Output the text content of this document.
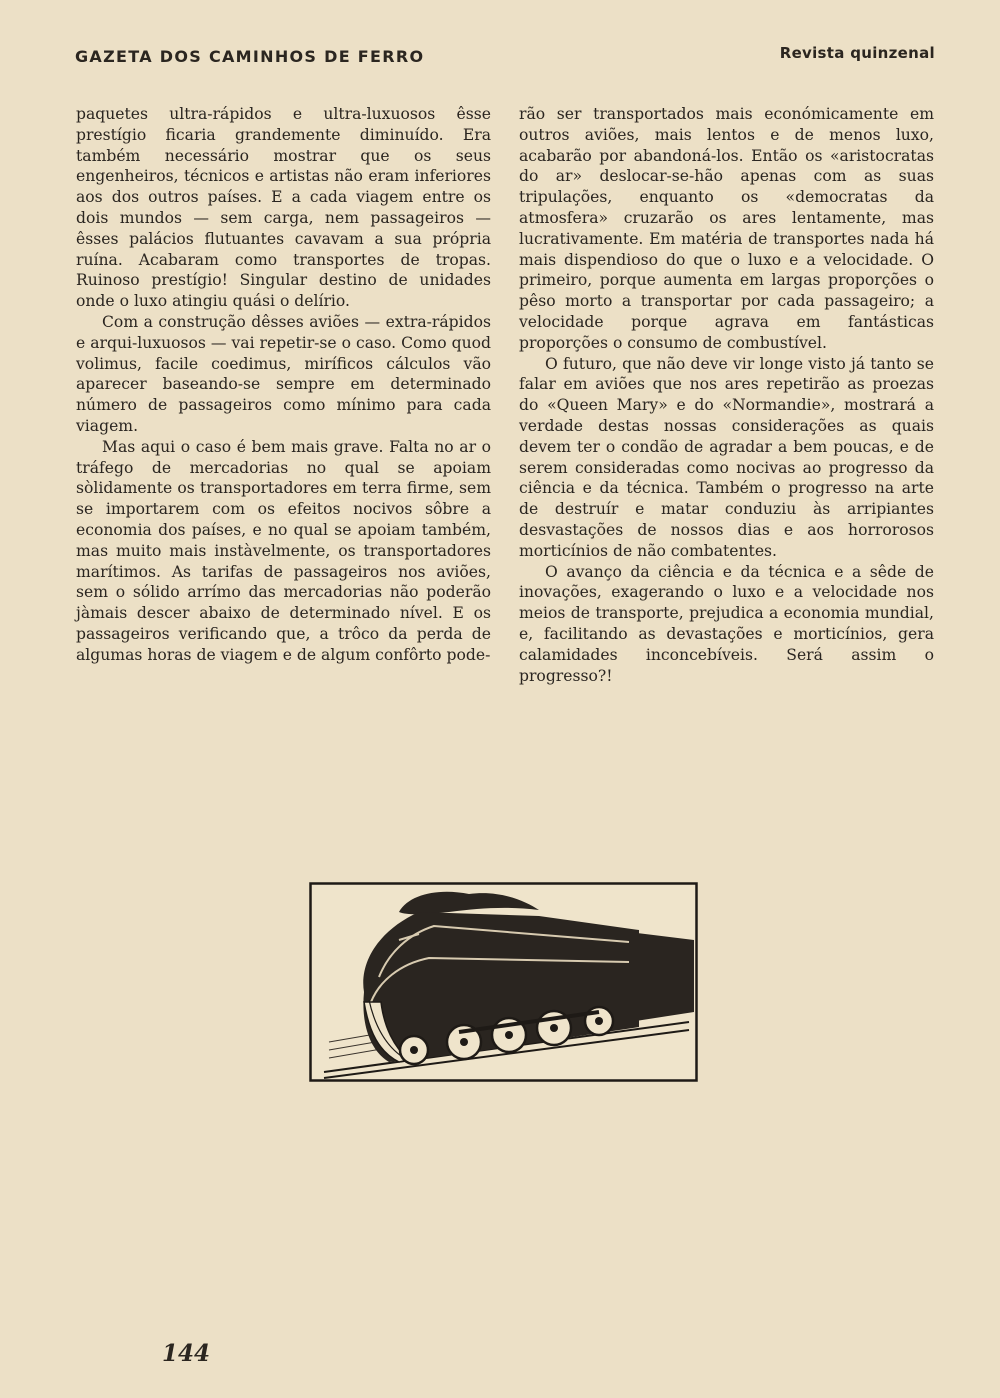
GAZETA DOS CAMINHOS DE FERRO	Revista quinzenal

paquetes ultra-rápidos e ultra-luxuosos êsse prestígio ficaria grandemente diminuído. Era também necessário mostrar que os seus engenheiros, técnicos e artistas não eram inferiores aos dos outros países. E a cada viagem entre os dois mundos — sem carga, nem passageiros — êsses palácios flutuantes cavavam a sua própria ruína. Acabaram como transportes de tropas. Ruinoso prestígio! Singular destino de unidades onde o luxo atingiu quási o delírio.

Com a construção dêsses aviões — extra-rápidos e arqui-luxuosos — vai repetir-se o caso. Como quod volimus, facile coedimus, miríficos cálculos vão aparecer baseando-se sempre em determinado número de passageiros como mínimo para cada viagem.

Mas aqui o caso é bem mais grave. Falta no ar o tráfego de mercadorias no qual se apoiam sòlidamente os transportadores em terra firme, sem se importarem com os efeitos nocivos sôbre a economia dos países, e no qual se apoiam também, mas muito mais instàvelmente, os transportadores marítimos. As tarifas de passageiros nos aviões, sem o sólido arrímo das mercadorias não poderão jàmais descer abaixo de determinado nível. E os passageiros verificando que, a trôco da perda de algumas horas de viagem e de algum confôrto pode-

rão ser transportados mais económicamente em outros aviões, mais lentos e de menos luxo, acabarão por abandoná-los. Então os «aristocratas do ar» deslocar-se-hão apenas com as suas tripulações, enquanto os «democratas da atmosfera» cruzarão os ares lentamente, mas lucrativamente. Em matéria de transportes nada há mais dispendioso do que o luxo e a velocidade. O primeiro, porque aumenta em largas proporções o pêso morto a transportar por cada passageiro; a velocidade porque agrava em fantásticas proporções o consumo de combustível.

O futuro, que não deve vir longe visto já tanto se falar em aviões que nos ares repetirão as proezas do «Queen Mary» e do «Normandie», mostrará a verdade destas nossas considerações as quais devem ter o condão de agradar a bem poucas, e de serem consideradas como nocivas ao progresso da ciência e da técnica. Também o progresso na arte de destruír e matar conduziu às arripiantes desvastações de nossos dias e aos horrorosos morticínios de não combatentes.

O avanço da ciência e da técnica e a sêde de inovações, exagerando o luxo e a velocidade nos meios de transporte, prejudica a economia mundial, e, facilitando as devastações e morticínios, gera calamidades inconcebíveis. Será assim o progresso?!

144
